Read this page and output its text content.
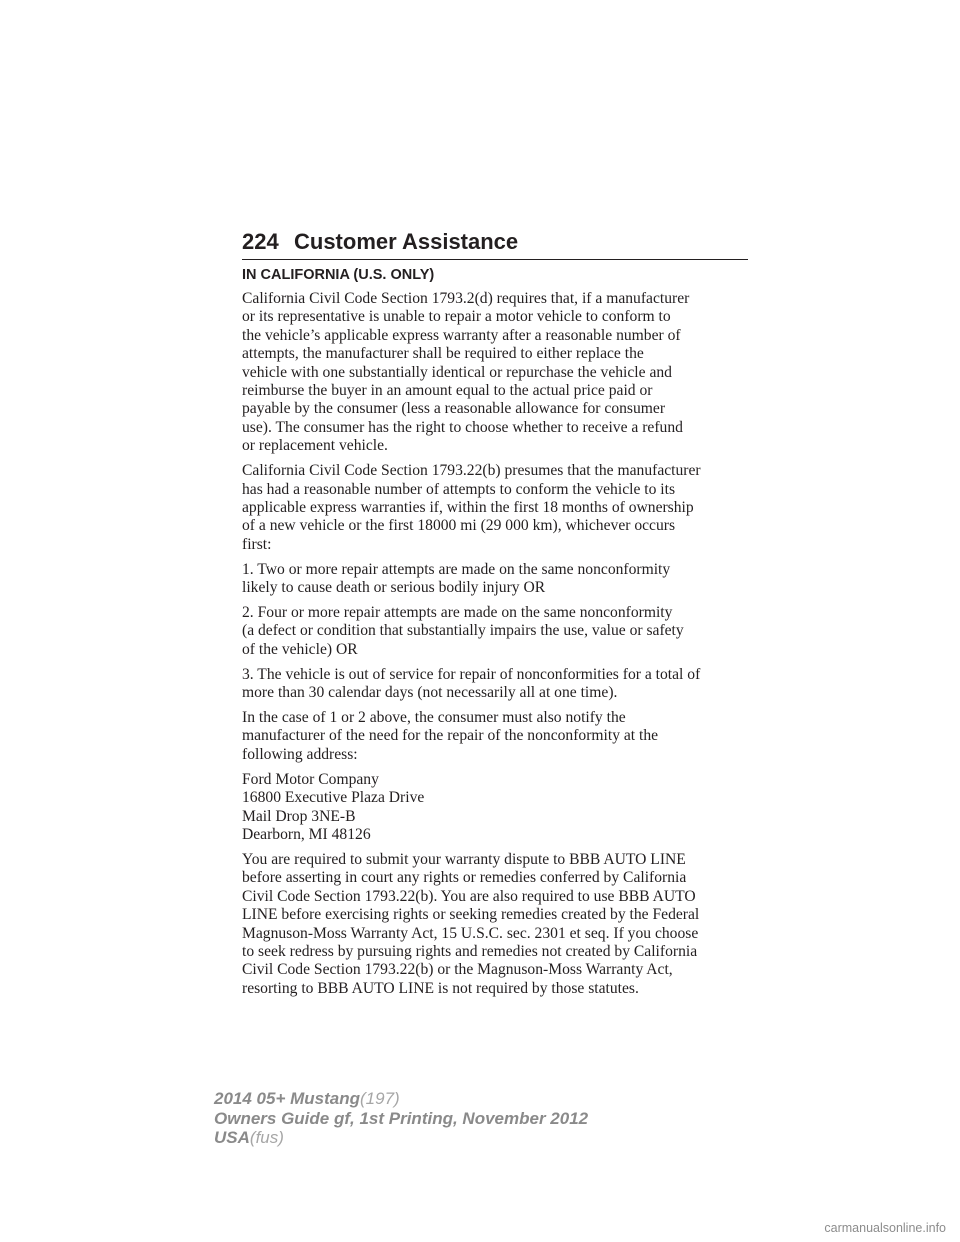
224 Customer Assistance
IN CALIFORNIA (U.S. ONLY)

California Civil Code Section 1793.2(d) requires that, if a manufacturer
or its representative is unable to repair a motor vehicle to conform to
the vehicle’s applicable express warranty after a reasonable number of
attempts, the manufacturer shall be required to either replace the
vehicle with one substantially identical or repurchase the vehicle and
reimburse the buyer in an amount equal to the actual price paid or
payable by the consumer (less a reasonable allowance for consumer
use). The consumer has the right to choose whether to receive a refund
or replacement vehicle.

California Civil Code Section 1793.22(b) presumes that the manufacturer
has had a reasonable number of attempts to conform the vehicle to its
applicable express warranties if, within the first 18 months of ownership
of a new vehicle or the first 18000 mi (29 000 km), whichever occurs
first:

1. Two or more repair attempts are made on the same nonconformity
likely to cause death or serious bodily injury OR

2. Four or more repair attempts are made on the same nonconformity
(a defect or condition that substantially impairs the use, value or safety
of the vehicle) OR

3. The vehicle is out of service for repair of nonconformities for a total of
more than 30 calendar days (not necessarily all at one time).

In the case of 1 or 2 above, the consumer must also notify the
manufacturer of the need for the repair of the nonconformity at the
following address:

Ford Motor Company
16800 Executive Plaza Drive
Mail Drop 3NE-B
Dearborn, MI 48126

You are required to submit your warranty dispute to BBB AUTO LINE
before asserting in court any rights or remedies conferred by California
Civil Code Section 1793.22(b). You are also required to use BBB AUTO
LINE before exercising rights or seeking remedies created by the Federal
Magnuson-Moss Warranty Act, 15 U.S.C. sec. 2301 et seq. If you choose
to seek redress by pursuing rights and remedies not created by California
Civil Code Section 1793.22(b) or the Magnuson-Moss Warranty Act,
resorting to BBB AUTO LINE is not required by those statutes.

2014 05+ Mustang(197)
Owners Guide gf, 1st Printing, November 2012
USA(fus)
carmanualsonline.info
